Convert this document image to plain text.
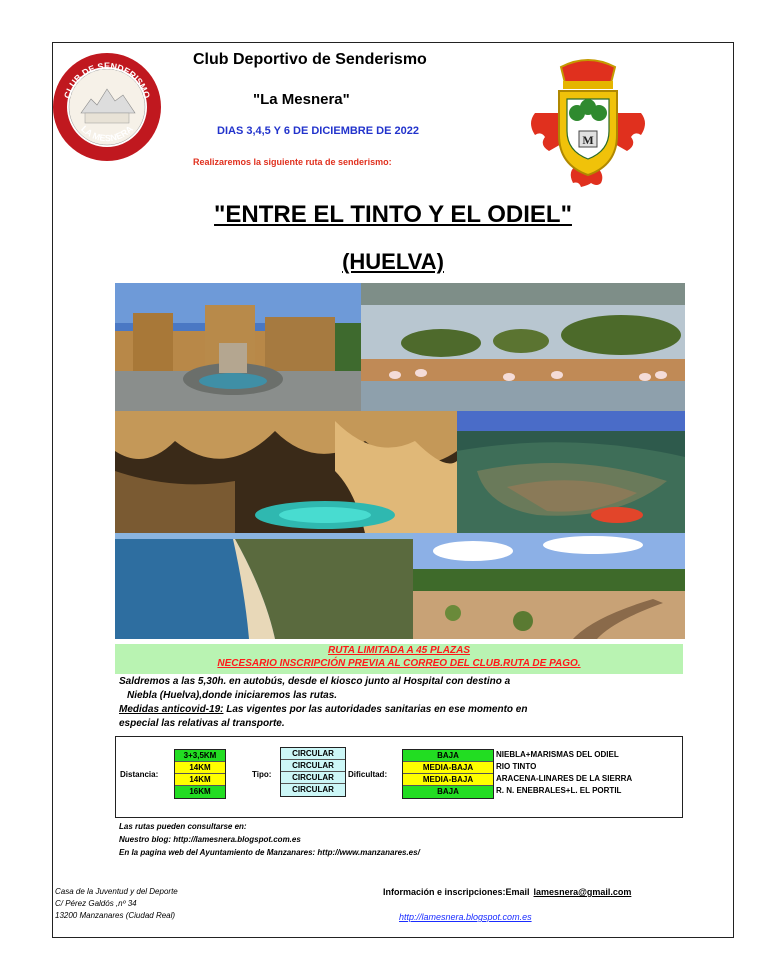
CLUB DE SENDERISMO
LA MESNERA
Club Deportivo de Senderismo
"La Mesnera"
DIAS 3,4,5 Y 6 DE DICIEMBRE DE 2022
Realizaremos la siguiente ruta de senderismo:
M
"ENTRE EL TINTO Y EL ODIEL"
(HUELVA)
RUTA LIMITADA A 45 PLAZAS
NECESARIO INSCRIPCIÓN PREVIA AL CORREO DEL CLUB.RUTA DE PAGO.

Saldremos a las 5,30h. en autobús, desde el kiosco junto al Hospital con destino a

Niebla (Huelva),donde iniciaremos las rutas.

Medidas anticovid-19: Las vigentes por las autoridades sanitarias en ese momento en

especial las relativas al transporte.

Distancia:
3+3,5KM
14KM
14KM
16KM
Tipo:
CIRCULAR
CIRCULAR
CIRCULAR
CIRCULAR
Dificultad:
BAJA
MEDIA-BAJA
MEDIA-BAJA
BAJA
NIEBLA+MARISMAS DEL ODIEL
RIO TINTO
ARACENA-LINARES DE LA SIERRA
R. N. ENEBRALES+L. EL PORTIL

Las rutas pueden consultarse en:

Nuestro blog: http://lamesnera.blogspot.com.es

En la pagina web del Ayuntamiento de Manzanares: http://www.manzanares.es/

Casa de la Juventud y del Deporte

C/ Pérez Galdós ,nº 34

13200 Manzanares (Ciudad Real)

Información e inscripciones:Email lamesnera@gmail.com
http://lamesnera.blogspot.com.es
